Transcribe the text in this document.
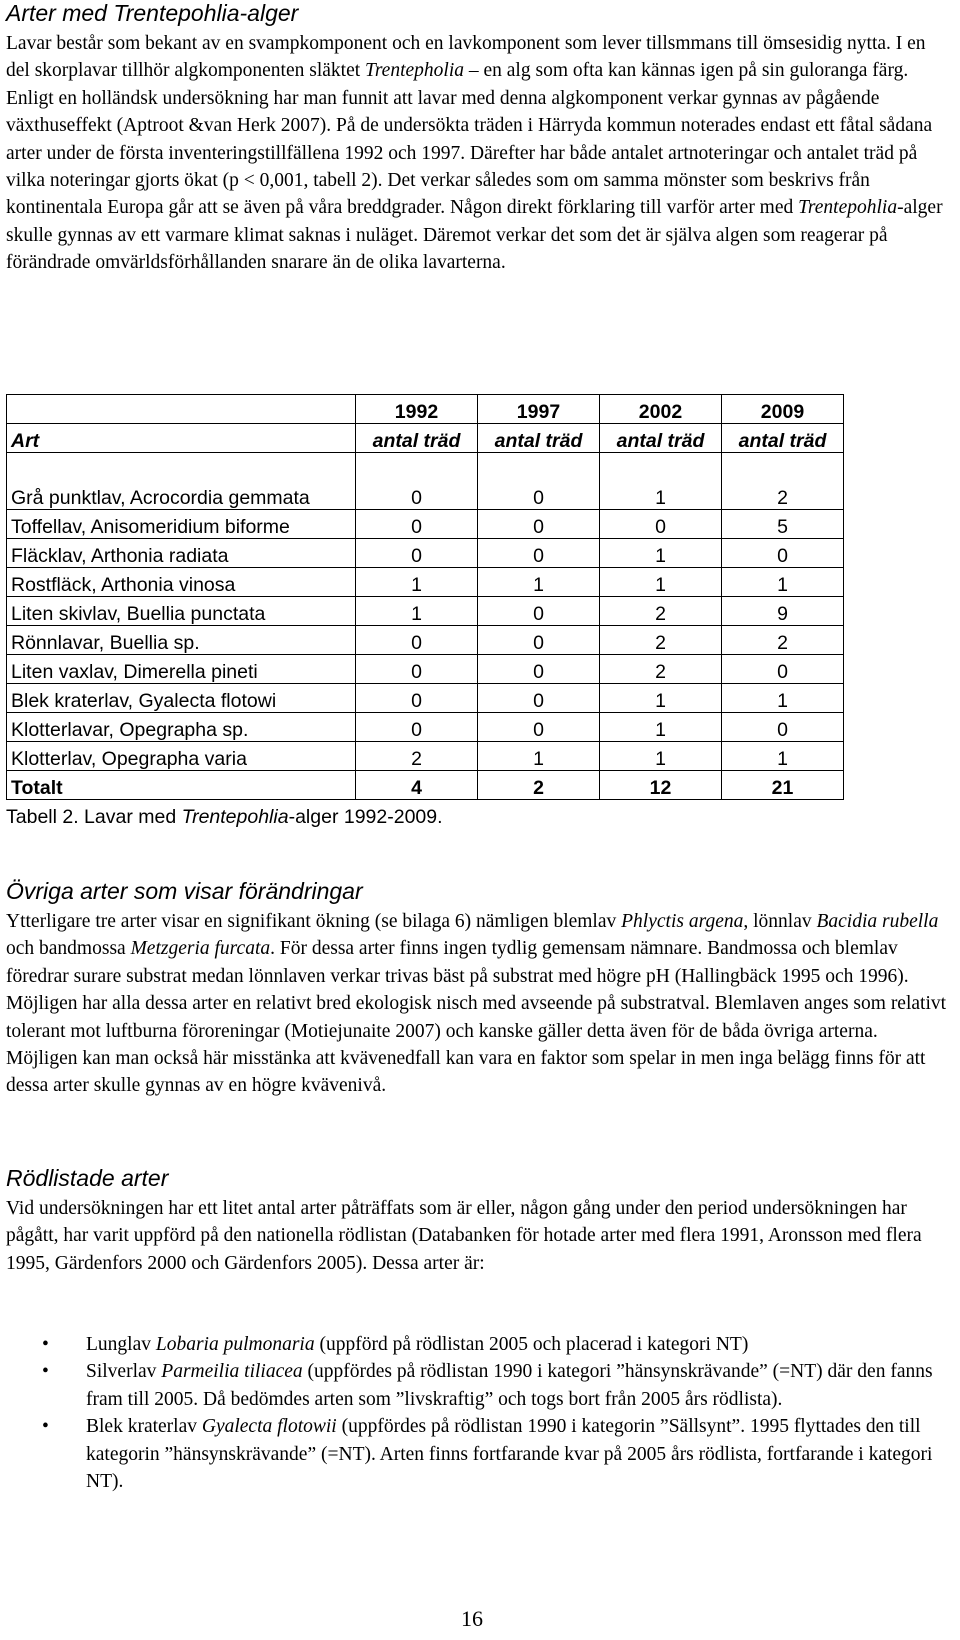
Arter med Trentepohlia-alger

Lavar består som bekant av en svampkomponent och en lavkomponent som lever tillsmmans till ömsesidig nytta. I en del skorplavar tillhör algkomponenten släktet Trentepholia – en alg som ofta kan kännas igen på sin guloranga färg. Enligt en holländsk undersökning har man funnit att lavar med denna algkomponent verkar gynnas av pågående växthuseffekt (Aptroot &van Herk 2007). På de undersökta träden i Härryda kommun noterades endast ett fåtal sådana arter under de första inventeringstillfällena 1992 och 1997. Därefter har både antalet artnoteringar och antalet träd på vilka noteringar gjorts ökat (p < 0,001, tabell 2). Det verkar således som om samma mönster som beskrivs från kontinentala Europa går att se även på våra breddgrader. Någon direkt förklaring till varför arter med Trentepohlia-alger skulle gynnas av ett varmare klimat saknas i nuläget. Däremot verkar det som det är själva algen som reagerar på förändrade omvärldsförhållanden snarare än de olika lavarterna.

	1992	1997	2002	2009
Art	antal träd	antal träd	antal träd	antal träd
Grå punktlav, Acrocordia gemmata	0	0	1	2
Toffellav, Anisomeridium biforme	0	0	0	5
Fläcklav, Arthonia radiata	0	0	1	0
Rostfläck, Arthonia vinosa	1	1	1	1
Liten skivlav, Buellia punctata	1	0	2	9
Rönnlavar, Buellia sp.	0	0	2	2
Liten vaxlav, Dimerella pineti	0	0	2	0
Blek kraterlav, Gyalecta flotowi	0	0	1	1
Klotterlavar, Opegrapha sp.	0	0	1	0
Klotterlav, Opegrapha varia	2	1	1	1
Totalt	4	2	12	21
Tabell 2. Lavar med Trentepohlia-alger 1992-2009.
Övriga arter som visar förändringar

Ytterligare tre arter visar en signifikant ökning (se bilaga 6) nämligen blemlav Phlyctis argena, lönnlav Bacidia rubella och bandmossa Metzgeria furcata. För dessa arter finns ingen tydlig gemensam nämnare. Bandmossa och blemlav föredrar surare substrat medan lönnlaven verkar trivas bäst på substrat med högre pH (Hallingbäck 1995 och 1996). Möjligen har alla dessa arter en relativt bred ekologisk nisch med avseende på substratval. Blemlaven anges som relativt tolerant mot luftburna föroreningar (Motiejunaite 2007) och kanske gäller detta även för de båda övriga arterna. Möjligen kan man också här misstänka att kvävenedfall kan vara en faktor som spelar in men inga belägg finns för att dessa arter skulle gynnas av en högre kvävenivå.

Rödlistade arter

Vid undersökningen har ett litet antal arter påträffats som är eller, någon gång under den period undersökningen har pågått, har varit uppförd på den nationella rödlistan (Databanken för hotade arter med flera 1991, Aronsson med flera 1995, Gärdenfors 2000 och Gärdenfors 2005). Dessa arter är:

• Lunglav Lobaria pulmonaria (uppförd på rödlistan 2005 och placerad i kategori NT)
• Silverlav Parmeilia tiliacea (uppfördes på rödlistan 1990 i kategori ”hänsynskrävande” (=NT) där den fanns fram till 2005. Då bedömdes arten som ”livskraftig” och togs bort från 2005 års rödlista).
• Blek kraterlav Gyalecta flotowii (uppfördes på rödlistan 1990 i kategorin ”Sällsynt”. 1995 flyttades den till kategorin ”hänsynskrävande” (=NT). Arten finns fortfarande kvar på 2005 års rödlista, fortfarande i kategori NT).
16
